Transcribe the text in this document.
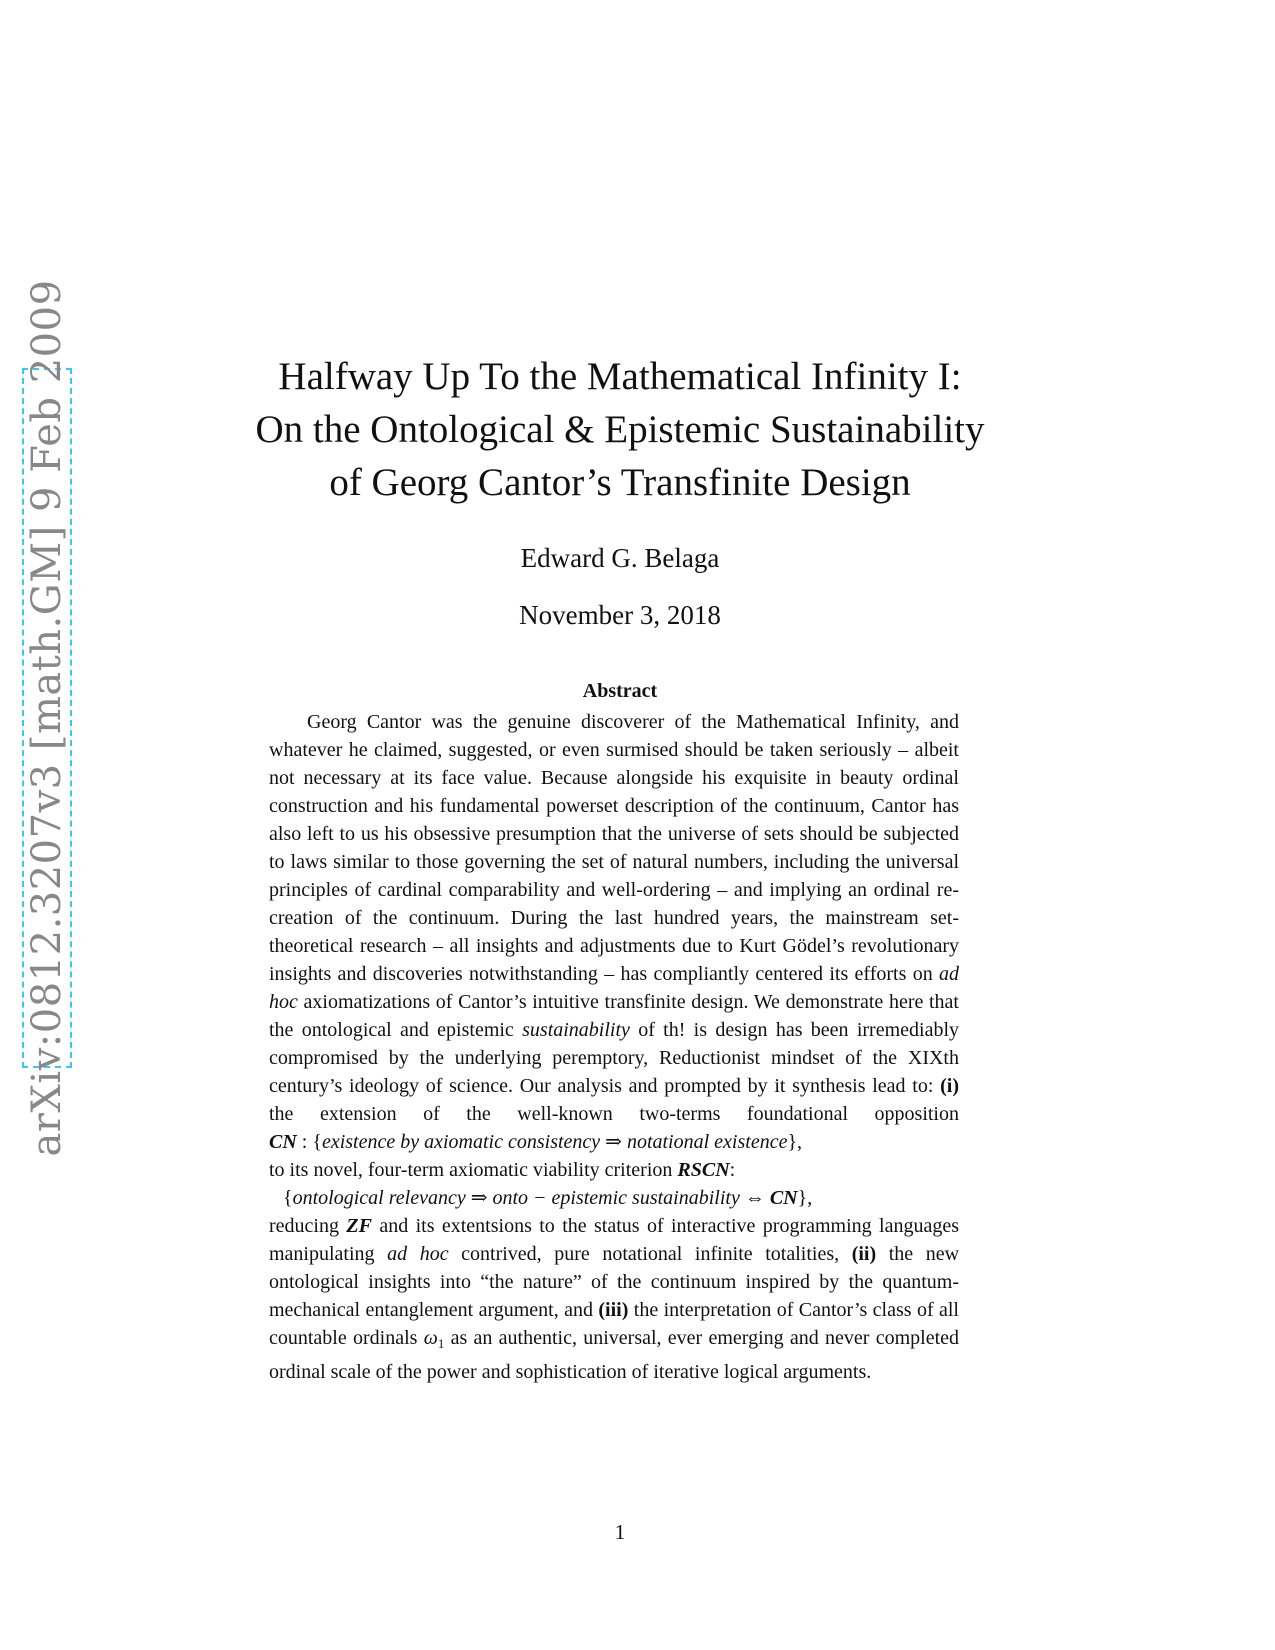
arXiv:0812.3207v3 [math.GM] 9 Feb 2009	Halfway Up To the Mathematical Infinity I:
On the Ontological & Epistemic Sustainability
of Georg Cantor’s Transfinite Design
Edward G. Belaga
November 3, 2018
Abstract

Georg Cantor was the genuine discoverer of the Mathematical Infinity, and whatever he claimed, suggested, or even surmised should be taken seriously – albeit not necessary at its face value. Because alongside his exquisite in beauty ordinal construction and his fundamental powerset description of the continuum, Cantor has also left to us his obsessive presumption that the universe of sets should be subjected to laws similar to those governing the set of natural numbers, including the universal principles of cardinal comparability and well-ordering – and implying an ordinal re-creation of the continuum. During the last hundred years, the mainstream set-theoretical research – all insights and adjustments due to Kurt Gödel’s revolutionary insights and discoveries notwithstanding – has compliantly centered its efforts on ad hoc axiomatizations of Cantor’s intuitive transfinite design. We demonstrate here that the ontological and epistemic sustainability of th! is design has been irremediably compromised by the underlying peremptory, Reductionist mindset of the XIXth century’s ideology of science. Our analysis and prompted by it synthesis lead to: (i) the extension of the well-known two-terms foundational opposition

CN : {existence by axiomatic consistency ⇒ notational existence},

to its novel, four-term axiomatic viability criterion RSCN:

{ontological relevancy ⇒ onto − epistemic sustainability ⇔ CN},

reducing ZF and its extentsions to the status of interactive programming languages manipulating ad hoc contrived, pure notational infinite totalities, (ii) the new ontological insights into “the nature” of the continuum inspired by the quantum-mechanical entanglement argument, and (iii) the interpretation of Cantor’s class of all countable ordinals $\omega_1$ as an authentic, universal, ever emerging and never completed ordinal scale of the power and sophistication of iterative logical arguments.

1
